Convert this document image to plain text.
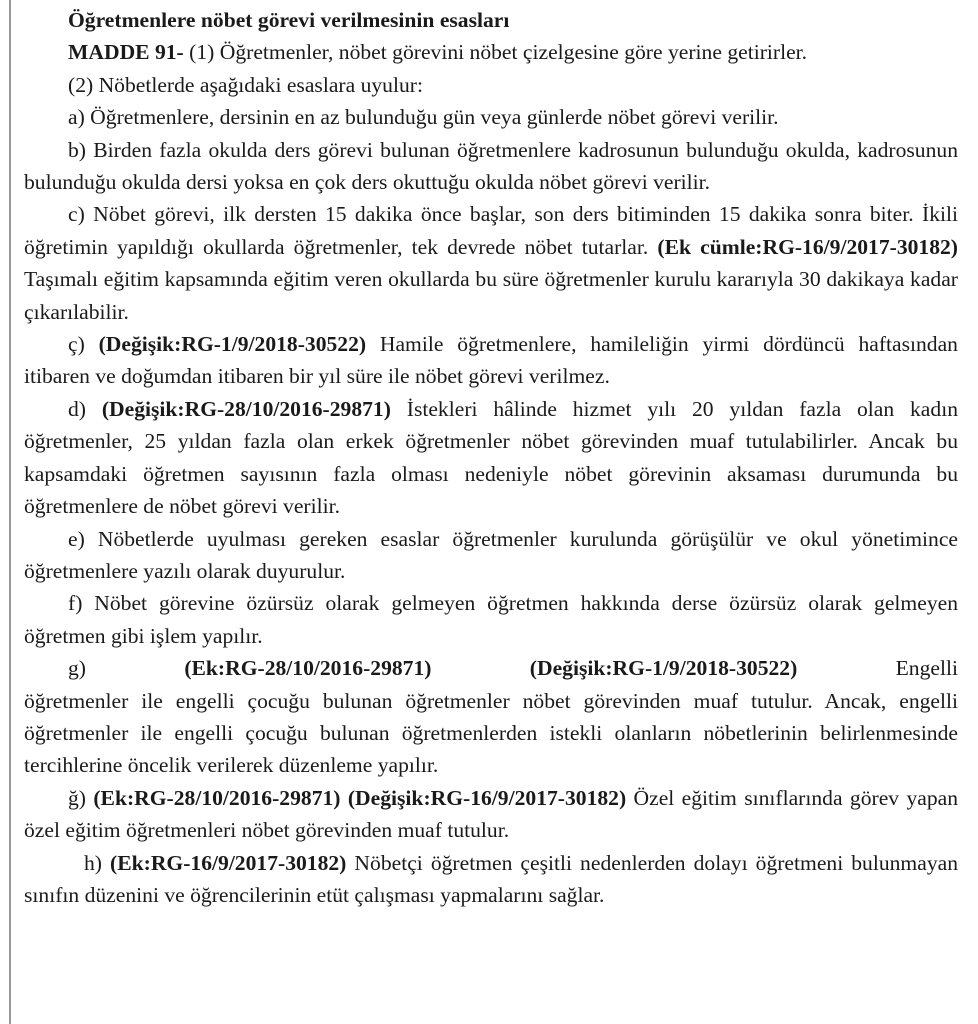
Öğretmenlere nöbet görevi verilmesinin esasları

MADDE 91- (1) Öğretmenler, nöbet görevini nöbet çizelgesine göre yerine getirirler.

(2) Nöbetlerde aşağıdaki esaslara uyulur:

a) Öğretmenlere, dersinin en az bulunduğu gün veya günlerde nöbet görevi verilir.

b) Birden fazla okulda ders görevi bulunan öğretmenlere kadrosunun bulunduğu okulda, kadrosunun bulunduğu okulda dersi yoksa en çok ders okuttuğu okulda nöbet görevi verilir.

c) Nöbet görevi, ilk dersten 15 dakika önce başlar, son ders bitiminden 15 dakika sonra biter. İkili öğretimin yapıldığı okullarda öğretmenler, tek devrede nöbet tutarlar. (Ek cümle:RG-16/9/2017-30182) Taşımalı eğitim kapsamında eğitim veren okullarda bu süre öğretmenler kurulu kararıyla 30 dakikaya kadar çıkarılabilir.

ç) (Değişik:RG-1/9/2018-30522) Hamile öğretmenlere, hamileliğin yirmi dördüncü haftasından itibaren ve doğumdan itibaren bir yıl süre ile nöbet görevi verilmez.

d) (Değişik:RG-28/10/2016-29871) İstekleri hâlinde hizmet yılı 20 yıldan fazla olan kadın öğretmenler, 25 yıldan fazla olan erkek öğretmenler nöbet görevinden muaf tutulabilirler. Ancak bu kapsamdaki öğretmen sayısının fazla olması nedeniyle nöbet görevinin aksaması durumunda bu öğretmenlere de nöbet görevi verilir.

e) Nöbetlerde uyulması gereken esaslar öğretmenler kurulunda görüşülür ve okul yönetimince öğretmenlere yazılı olarak duyurulur.

f) Nöbet görevine özürsüz olarak gelmeyen öğretmen hakkında derse özürsüz olarak gelmeyen öğretmen gibi işlem yapılır.

g)	(Ek:RG-28/10/2016-29871)	(Değişik:RG-1/9/2018-30522)	Engelli

öğretmenler ile engelli çocuğu bulunan öğretmenler nöbet görevinden muaf tutulur. Ancak, engelli öğretmenler ile engelli çocuğu bulunan öğretmenlerden istekli olanların nöbetlerinin belirlenmesinde tercihlerine öncelik verilerek düzenleme yapılır.

ğ) (Ek:RG-28/10/2016-29871) (Değişik:RG-16/9/2017-30182) Özel eğitim sınıflarında görev yapan özel eğitim öğretmenleri nöbet görevinden muaf tutulur.

h) (Ek:RG-16/9/2017-30182) Nöbetçi öğretmen çeşitli nedenlerden dolayı öğretmeni bulunmayan sınıfın düzenini ve öğrencilerinin etüt çalışması yapmalarını sağlar.
